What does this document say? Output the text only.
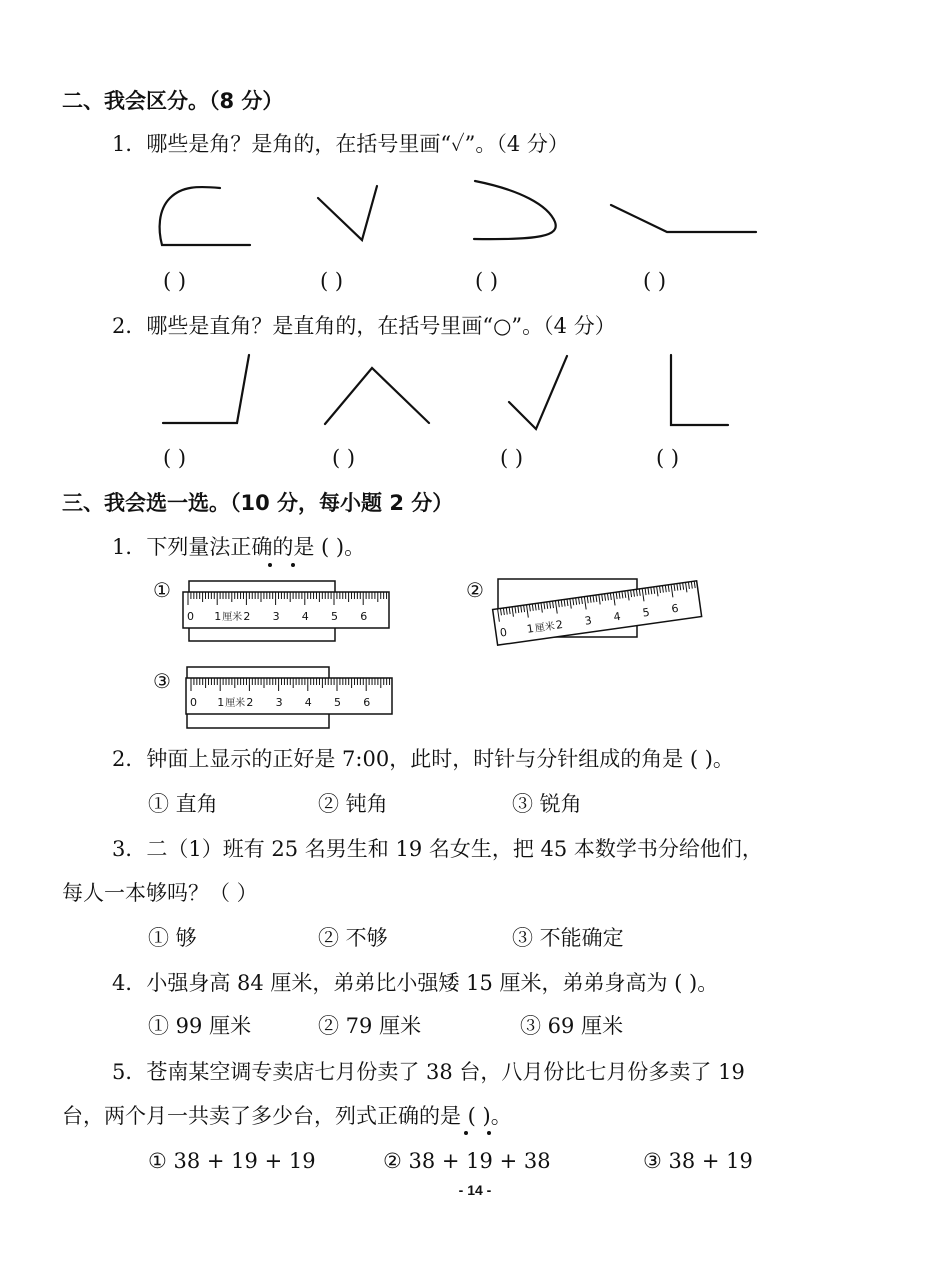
二、我会区分。（8 分）
1．哪些是角？是角的，在括号里画“✓”。（4 分）
( )	( )	( )	( )
2．哪些是直角？是直角的，在括号里画“○”。（4 分）
( )	( )	( )	( )
三、我会选一选。（10 分，每小题 2 分）
1．下列量法正确的是 ( )。
①	②
③
0 1 厘米 2 3 4 5 6
0 1 厘米 2 3 4 5 6
0 1 厘米 2 3 4 5 6
2．钟面上显示的正好是 7:00，此时，时针与分针组成的角是 ( )。
① 直角	② 钝角	③ 锐角
3．二（1）班有 25 名男生和 19 名女生，把 45 本数学书分给他们，
每人一本够吗？（ ）
① 够	② 不够	③ 不能确定
4．小强身高 84 厘米，弟弟比小强矮 15 厘米，弟弟身高为 ( )。
① 99 厘米	② 79 厘米	③ 69 厘米
5．苍南某空调专卖店七月份卖了 38 台，八月份比七月份多卖了 19
台，两个月一共卖了多少台，列式正确的是 ( )。
① 38 + 19 + 19	② 38 + 19 + 38	③ 38 + 19
- 14 -
